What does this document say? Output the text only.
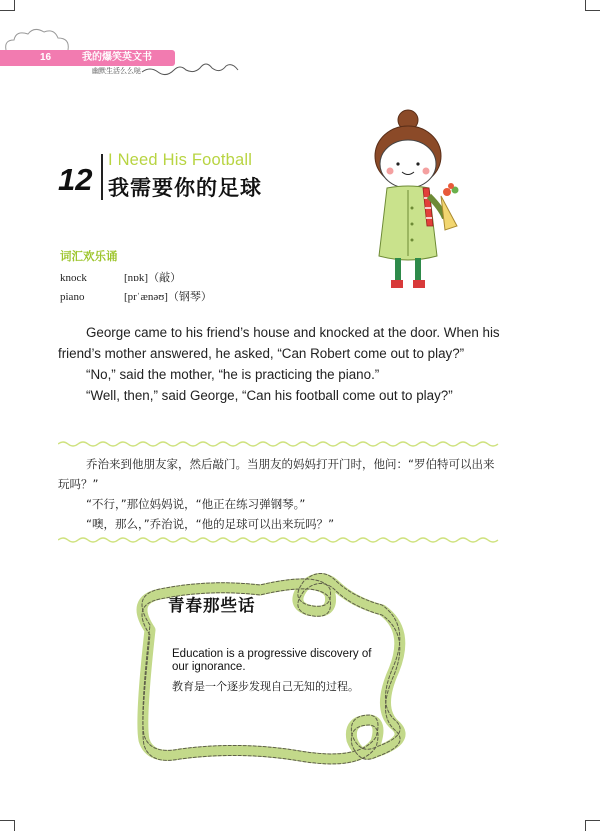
16	我的爆笑英文书
幽默生活么么哒
12
I Need His Football
我需要你的足球
词汇欢乐诵
knock	[nɒk]（敲）
piano	[prˈænəʊ]（钢琴）

George came to his friend’s house and knocked at the door. When his friend’s mother answered, he asked, “Can Robert come out to play?”

“No,” said the mother, “he is practicing the piano.”

“Well, then,” said George, “Can his football come out to play?”

乔治来到他朋友家，然后敲门。当朋友的妈妈打开门时，他问：“罗伯特可以出来玩吗？”

“不行，”那位妈妈说，“他正在练习弹钢琴。”

“噢，那么，”乔治说，“他的足球可以出来玩吗？”

青春那些话
Education is a progressive discovery of our ignorance.
教育是一个逐步发现自己无知的过程。
